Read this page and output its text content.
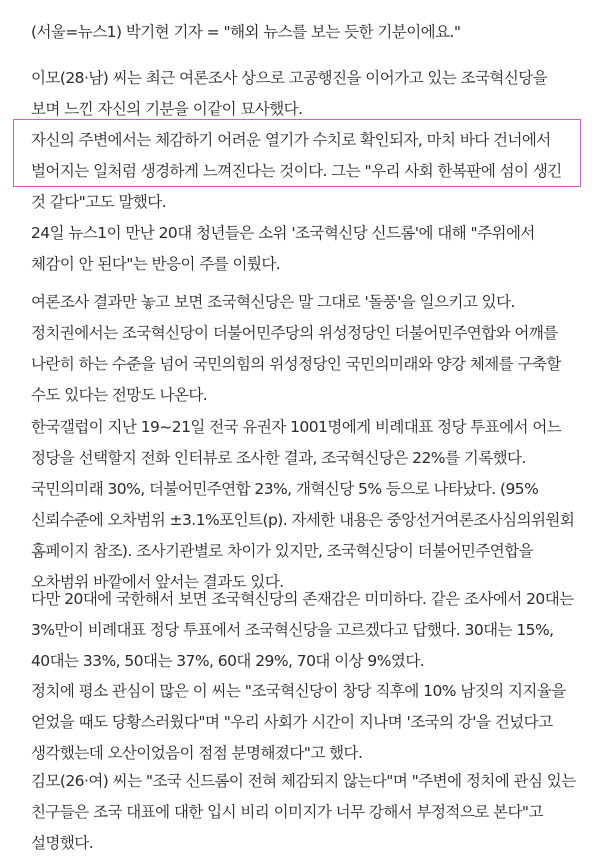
(서울=뉴스1) 박기현 기자 = "해외 뉴스를 보는 듯한 기분이에요."

이모(28·남) 씨는 최근 여론조사 상으로 고공행진을 이어가고 있는 조국혁신당을 보며 느낀 자신의 기분을 이같이 묘사했다.

자신의 주변에서는 체감하기 어려운 열기가 수치로 확인되자, 마치 바다 건너에서 벌어지는 일처럼 생경하게 느껴진다는 것이다. 그는 "우리 사회 한복판에 섬이 생긴 것 같다"고도 말했다.

24일 뉴스1이 만난 20대 청년들은 소위 '조국혁신당 신드롬'에 대해 "주위에서 체감이 안 된다"는 반응이 주를 이뤘다.

여론조사 결과만 놓고 보면 조국혁신당은 말 그대로 '돌풍'을 일으키고 있다. 정치권에서는 조국혁신당이 더불어민주당의 위성정당인 더불어민주연합와 어깨를 나란히 하는 수준을 넘어 국민의힘의 위성정당인 국민의미래와 양강 체제를 구축할 수도 있다는 전망도 나온다.

한국갤럽이 지난 19~21일 전국 유권자 1001명에게 비례대표 정당 투표에서 어느 정당을 선택할지 전화 인터뷰로 조사한 결과, 조국혁신당은 22%를 기록했다. 국민의미래 30%, 더불어민주연합 23%, 개혁신당 5% 등으로 나타났다. (95% 신뢰수준에 오차범위 ±3.1%포인트(p). 자세한 내용은 중앙선거여론조사심의위원회 홈페이지 참조). 조사기관별로 차이가 있지만, 조국혁신당이 더불어민주연합을 오차범위 바깥에서 앞서는 결과도 있다.

다만 20대에 국한해서 보면 조국혁신당의 존재감은 미미하다. 같은 조사에서 20대는 3%만이 비례대표 정당 투표에서 조국혁신당을 고르겠다고 답했다. 30대는 15%, 40대는 33%, 50대는 37%, 60대 29%, 70대 이상 9%였다.

정치에 평소 관심이 많은 이 씨는 "조국혁신당이 창당 직후에 10% 남짓의 지지율을 얻었을 때도 당황스러웠다"며 "우리 사회가 시간이 지나며 '조국의 강'을 건넜다고 생각했는데 오산이었음이 점점 분명해졌다"고 했다.

김모(26·여) 씨는 "조국 신드롬이 전혀 체감되지 않는다"며 "주변에 정치에 관심 있는 친구들은 조국 대표에 대한 입시 비리 이미지가 너무 강해서 부정적으로 본다"고 설명했다.
